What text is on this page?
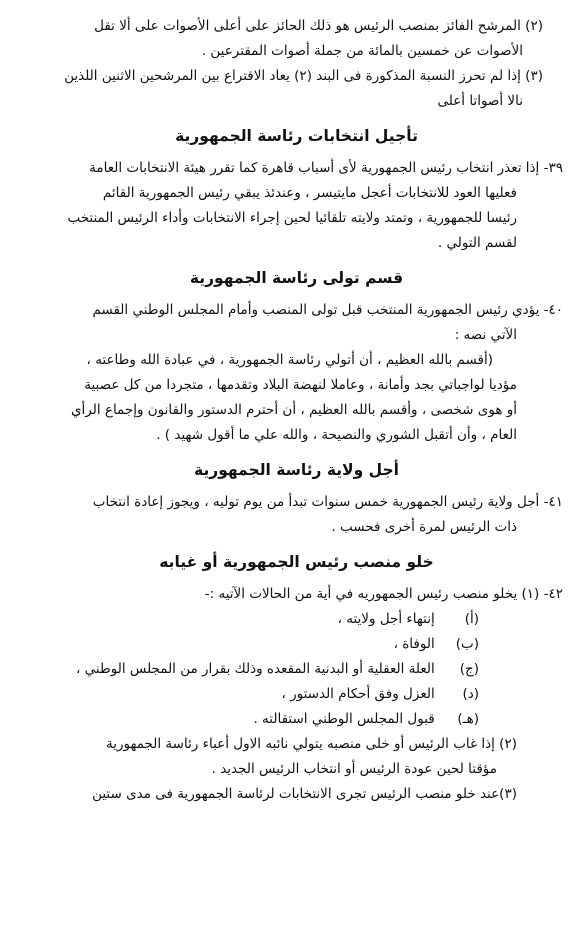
(٢) المرشح الفائز بمنصب الرئيس هو ذلك الحائز على أعلى الأصوات على ألا تقل
الأصوات عن خمسين بالمائة من جملة أصوات المقترعين .

(٣) إذا لم تحرز النسبة المذكورة فى البند (٢) يعاد الاقتراع بين المرشحين الاثنين اللذين
نالا أصواتا أعلى

تأجيل انتخابات رئاسة الجمهورية

٣٩- إذا تعذر انتخاب رئيس الجمهورية لأى أسباب قاهرة كما تقرر هيئة الانتخابات العامة
فعليها العود للانتخابات أعجل مايتيسر ، وعندئذ يبقي رئيس الجمهورية القائم
رئيسا للجمهورية ، وتمتد ولايته تلقائيا لحين إجراء الانتخابات وأداء الرئيس المنتخب
لقسم التولي .

قسم تولى رئاسة الجمهورية

٤٠- يؤدي رئيس الجمهورية المنتخب قبل تولى المنصب وأمام المجلس الوطني القسم
الآتي نصه :

(أقسم بالله العظيم ، أن أتولي رئاسة الجمهورية ، في عبادة الله وطاعته ،
مؤديا لواجباتي بجد وأمانة ، وعاملا لنهضة البلاد وتقدمها ، متجردا من كل عصبية
أو هوى شخصى ، وأقسم بالله العظيم ، أن أحترم الدستور والقانون وإجماع الرأي
العام ، وأن أتقبل الشوري والنصيحة ، والله علي ما أقول شهيد ) .

أجل ولاية رئاسة الجمهورية

٤١- أجل ولاية رئيس الجمهورية خمس سنوات تبدأ من يوم توليه ، ويجوز إعادة انتخاب
ذات الرئيس لمرة أخرى فحسب .

خلو منصب رئيس الجمهورية أو غيابه

٤٢- (١) يخلو منصب رئيس الجمهوريه في أية من الحالات الآتيه :-

(أ) إنتهاء أجل ولايته ،
(ب) الوفاة ،
(ج) العلة العقلية أو البدنية المقعده وذلك بقرار من المجلس الوطني ،
(د) العزل وفق أحكام الدستور ،
(هـ) قبول المجلس الوطني استقالته .

(٢) إذا غاب الرئيس أو خلى منصبه يتولي نائبه الاول أعباء رئاسة الجمهورية
مؤقتا لحين عودة الرئيس أو انتخاب الرئيس الجديد .

(٣)عند خلو منصب الرئيس تجرى الانتخابات لرئاسة الجمهورية فى مدى ستين
